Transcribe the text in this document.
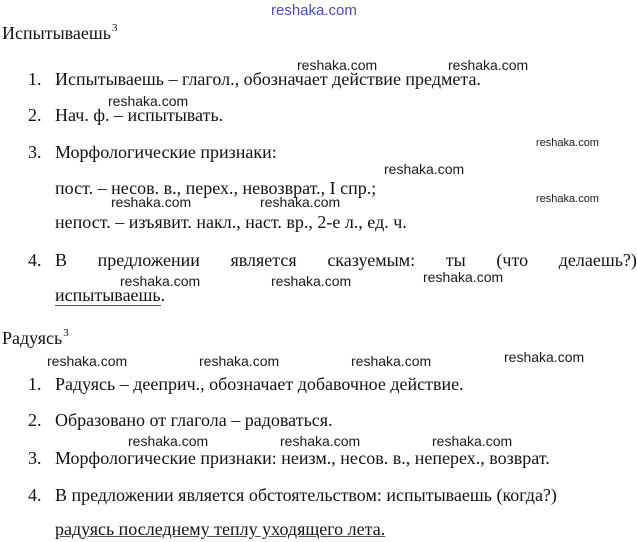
reshaka.com
Испытываешь$^3$
1. Испытываешь – глагол., обозначает действие предмета.
2. Нач. ф. – испытывать.
3. Морфологические признаки:
пост. – несов. в., перех., невозврат., I спр.;
непост. – изъявит. накл., наст. вр., 2-е л., ед. ч.
4. В предложении является сказуемым: ты (что делаешь?)
испытываешь.
Радуясь$^3$
1. Радуясь – дееприч., обозначает добавочное действие.
2. Образовано от глагола – радоваться.
3. Морфологические признаки: неизм., несов. в., неперех., возврат.
4. В предложении является обстоятельством: испытываешь (когда?)
радуясь последнему теплу уходящего лета.
reshaka.com	reshaka.com
reshaka.com
reshaka.com
reshaka.com
reshaka.com
reshaka.com	reshaka.com
reshaka.com
reshaka.com	reshaka.com
reshaka.com
reshaka.com	reshaka.com	reshaka.com
reshaka.com	reshaka.com	reshaka.com
